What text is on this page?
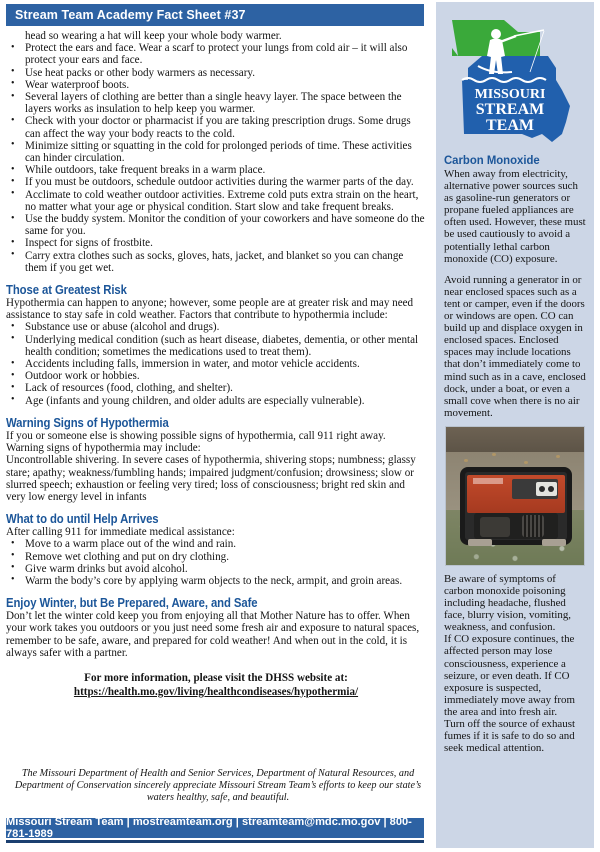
Stream Team Academy Fact Sheet #37

head so wearing a hat will keep your whole body warmer.

• Protect the ears and face. Wear a scarf to protect your lungs from cold air – it will also protect your ears and face.
• Use heat packs or other body warmers as necessary.
• Wear waterproof boots.
• Several layers of clothing are better than a single heavy layer. The space between the layers works as insulation to help keep you warmer.
• Check with your doctor or pharmacist if you are taking prescription drugs. Some drugs can affect the way your body reacts to the cold.
• Minimize sitting or squatting in the cold for prolonged periods of time. These activities can hinder circulation.
• While outdoors, take frequent breaks in a warm place.
• If you must be outdoors, schedule outdoor activities during the warmer parts of the day.
• Acclimate to cold weather outdoor activities. Extreme cold puts extra strain on the heart, no matter what your age or physical condition. Start slow and take frequent breaks.
• Use the buddy system. Monitor the condition of your coworkers and have someone do the same for you.
• Inspect for signs of frostbite.
• Carry extra clothes such as socks, gloves, hats, jacket, and blanket so you can change them if you get wet.
Those at Greatest Risk

Hypothermia can happen to anyone; however, some people are at greater risk and may need assistance to stay safe in cold weather. Factors that contribute to hypothermia include:

• Substance use or abuse (alcohol and drugs).
• Underlying medical condition (such as heart disease, diabetes, dementia, or other mental health condition; sometimes the medications used to treat them).
• Accidents including falls, immersion in water, and motor vehicle accidents.
• Outdoor work or hobbies.
• Lack of resources (food, clothing, and shelter).
• Age (infants and young children, and older adults are especially vulnerable).
Warning Signs of Hypothermia

If you or someone else is showing possible signs of hypothermia, call 911 right away. Warning signs of hypothermia may include:

Uncontrollable shivering. In severe cases of hypothermia, shivering stops; numbness; glassy stare; apathy; weakness/fumbling hands; impaired judgment/confusion; drowsiness; slow or slurred speech; exhaustion or feeling very tired; loss of consciousness; bright red skin and very low energy level in infants

What to do until Help Arrives

After calling 911 for immediate medical assistance:

• Move to a warm place out of the wind and rain.
• Remove wet clothing and put on dry clothing.
• Give warm drinks but avoid alcohol.
• Warm the body’s core by applying warm objects to the neck, armpit, and groin areas.
Enjoy Winter, but Be Prepared, Aware, and Safe

Don’t let the winter cold keep you from enjoying all that Mother Nature has to offer. When your work takes you outdoors or you just need some fresh air and exposure to natural spaces, remember to be safe, aware, and prepared for cold weather! And when out in the cold, it is always safer with a partner.

For more information, please visit the DHSS website at:
https://health.mo.gov/living/healthcondiseases/hypothermia/
The Missouri Department of Health and Senior Services, Department of Natural Resources, and Department of Conservation sincerely appreciate Missouri Stream Team’s efforts to keep our state’s waters healthy, safe, and beautiful.
Missouri Stream Team | mostreamteam.org | streamteam@mdc.mo.gov | 800-781-1989
MISSOURI
STREAM
TEAM
Carbon Monoxide

When away from electricity, alternative power sources such as gasoline-run generators or propane fueled appliances are often used. However, these must be used cautiously to avoid a potentially lethal carbon monoxide (CO) exposure.

Avoid running a generator in or near enclosed spaces such as a tent or camper, even if the doors or windows are open. CO can build up and displace oxygen in enclosed spaces. Enclosed spaces may include locations that don’t immediately come to mind such as in a cave, enclosed dock, under a boat, or even a small cove when there is no air movement.

Be aware of symptoms of carbon monoxide poisoning including headache, flushed face, blurry vision, vomiting, weakness, and confusion.

If CO exposure continues, the affected person may lose consciousness, experience a seizure, or even death. If CO exposure is suspected, immediately move away from the area and into fresh air.

Turn off the source of exhaust fumes if it is safe to do so and seek medical attention.
